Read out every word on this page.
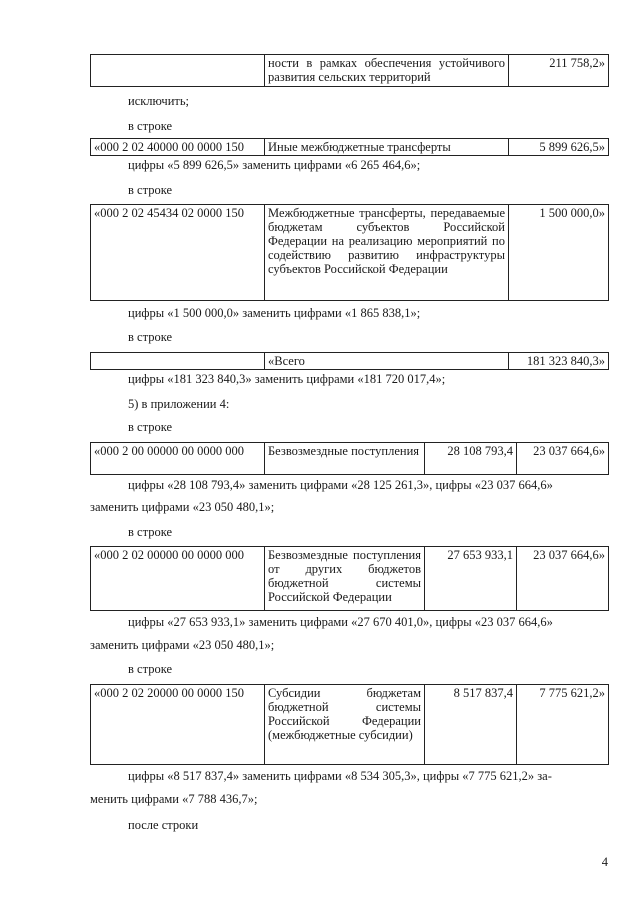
	ности в рамках обеспечения устойчивого развития сельских территорий	211 758,2»
исключить;
в строке
«000 2 02 40000 00 0000 150	Иные межбюджетные трансферты	5 899 626,5»
цифры «5 899 626,5» заменить цифрами «6 265 464,6»;
в строке
«000 2 02 45434 02 0000 150	Межбюджетные трансферты, передаваемые бюджетам субъектов Российской Федерации на реализацию мероприятий по содействию развитию инфраструктуры субъектов Российской Федерации	1 500 000,0»
цифры «1 500 000,0» заменить цифрами «1 865 838,1»;
в строке
	«Всего	181 323 840,3»
цифры «181 323 840,3» заменить цифрами «181 720 017,4»;
5) в приложении 4:
в строке
«000 2 00 00000 00 0000 000	Безвозмездные поступления	28 108 793,4	23 037 664,6»
цифры «28 108 793,4» заменить цифрами «28 125 261,3», цифры «23 037 664,6»
заменить цифрами «23 050 480,1»;
в строке
«000 2 02 00000 00 0000 000	Безвозмездные поступления от других бюджетов бюджетной системы Российской Федерации	27 653 933,1	23 037 664,6»
цифры «27 653 933,1» заменить цифрами «27 670 401,0», цифры «23 037 664,6»
заменить цифрами «23 050 480,1»;
в строке
«000 2 02 20000 00 0000 150	Субсидии бюджетам бюджетной системы Российской Федерации (межбюджетные субсидии)	8 517 837,4	7 775 621,2»
цифры «8 517 837,4» заменить цифрами «8 534 305,3», цифры «7 775 621,2» за-
менить цифрами «7 788 436,7»;
после строки
4
